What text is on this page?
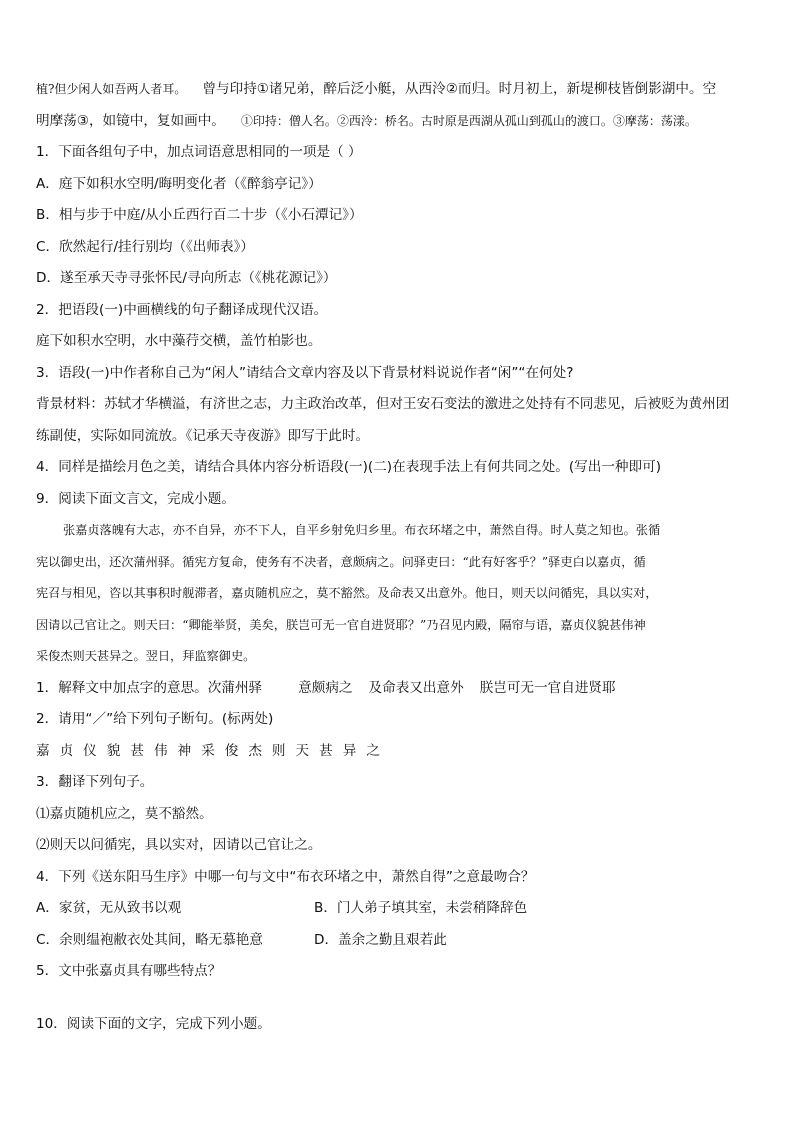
植?但少闲人如吾两人者耳。 曾与印持①诸兄弟，醉后泛小艇，从西泠②而归。时月初上，新堤柳枝皆倒影湖中。空
明摩荡③，如镜中，复如画中。 ①印持：僧人名。②西泠：桥名。古时原是西湖从孤山到孤山的渡口。③摩荡：荡漾。
1．下面各组句子中，加点词语意思相同的一项是（ ）
A．庭下如积水空明/晦明变化者（《醉翁亭记》）
B．相与步于中庭/从小丘西行百二十步（《小石潭记》）
C．欣然起行/挂行别均（《出师表》）
D．遂至承天寺寻张怀民/寻向所志（《桃花源记》）
2．把语段(一)中画横线的句子翻译成现代汉语。
庭下如积水空明，水中藻荇交横，盖竹柏影也。
3．语段(一)中作者称自己为“闲人”请结合文章内容及以下背景材料说说作者“闲”“在何处?
背景材料：苏轼才华横溢，有济世之志，力主政治改革，但对王安石变法的激进之处持有不同悲见，后被贬为黄州团
练副使，实际如同流放。《记承天寺夜游》即写于此时。
4．同样是描绘月色之美，请结合具体内容分析语段(一)(二)在表现手法上有何共同之处。(写出一种即可)
9．阅读下面文言文，完成小题。
张嘉贞落魄有大志，亦不自异，亦不下人，自平乡射免归乡里。布衣环堵之中，萧然自得。时人莫之知也。张循
宪以御史出，还次蒲州驿。循宪方复命，使务有不决者，意颇病之。问驿吏曰：“此有好客乎？”驿吏白以嘉贞，循
宪召与相见，咨以其事积时舰滞者，嘉贞随机应之，莫不豁然。及命表又出意外。他日，则天以问循宪，具以实对，
因请以己官让之。则天曰：“卿能举贤，美矣，朕岂可无一官自进贤耶？”乃召见内殿，隔帘与语，嘉贞仪貌甚伟神
采俊杰则天甚异之。翌日，拜监察御史。
1．解释文中加点字的意思。次蒲州驿	意颇病之 及命表又出意外 朕岂可无一官自进贤耶
2．请用“／”给下列句子断句。(标两处)
嘉贞仪貌甚伟神采俊杰则天甚异之
3．翻译下列句子。
⑴嘉贞随机应之，莫不豁然。
⑵则天以问循宪，具以实对，因请以己官让之。
4．下列《送东阳马生序》中哪一句与文中“布衣环堵之中，萧然自得”之意最吻合？
A．家贫，无从致书以观	B．门人弟子填其室，未尝稍降辞色
C．余则缊袍敝衣处其间，略无慕艳意	D．盖余之勤且艰若此
5．文中张嘉贞具有哪些特点？
10．阅读下面的文字，完成下列小题。
